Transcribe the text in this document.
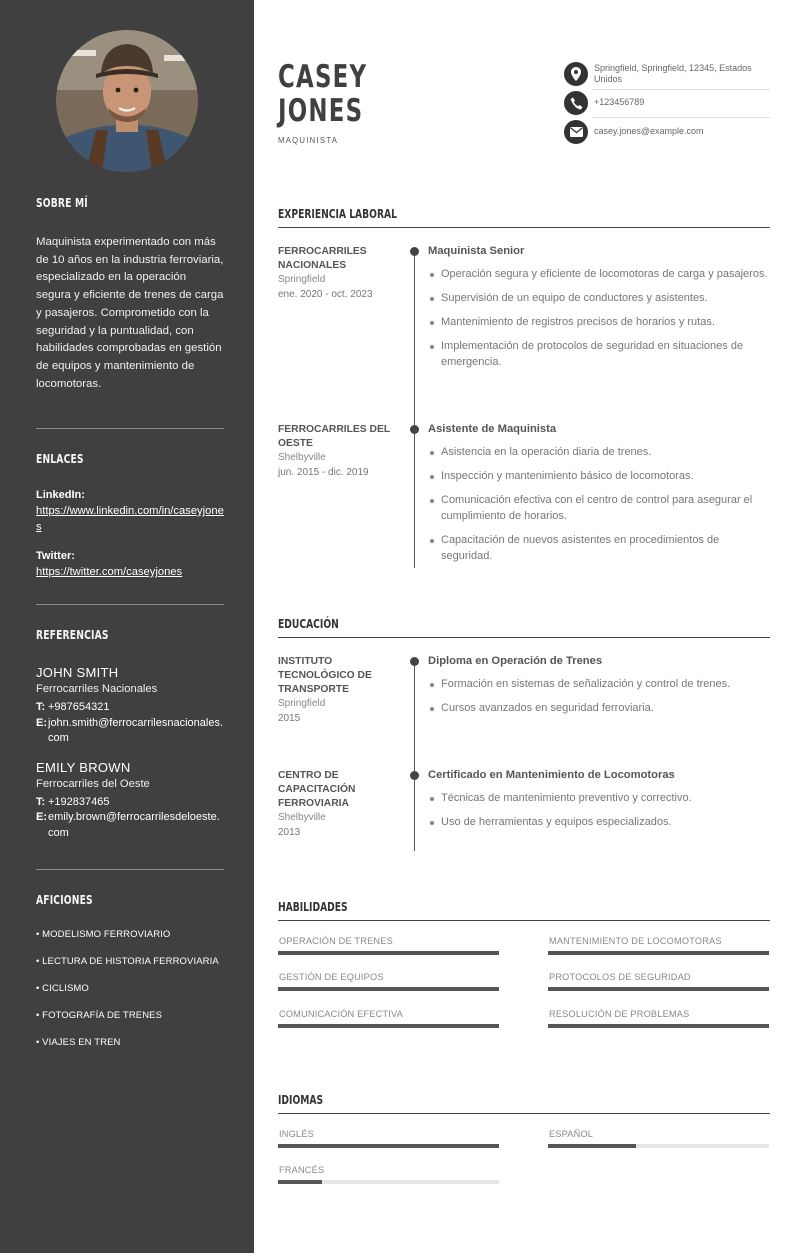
SOBRE MÍ

Maquinista experimentado con más de 10 años en la industria ferroviaria, especializado en la operación segura y eficiente de trenes de carga y pasajeros. Comprometido con la seguridad y la puntualidad, con habilidades comprobadas en gestión de equipos y mantenimiento de locomotoras.

ENLACES
LinkedIn:
https://www.linkedin.com/in/caseyjones
Twitter:
https://twitter.com/caseyjones
REFERENCIAS
JOHN SMITH
Ferrocarriles Nacionales
T: +987654321
E: john.smith@ferrocarrilesnacionales.com
EMILY BROWN
Ferrocarriles del Oeste
T: +192837465
E: emily.brown@ferrocarrilesdeloeste.com
AFICIONES
• MODELISMO FERROVIARIO
• LECTURA DE HISTORIA FERROVIARIA
• CICLISMO
• FOTOGRAFÍA DE TRENES
• VIAJES EN TREN
CASEY
JONES
MAQUINISTA
Springfield, Springfield, 12345, Estados Unidos
+123456789
casey.jones@example.com
EXPERIENCIA LABORAL
FERROCARRILES NACIONALES
Springfield
ene. 2020 - oct. 2023
Maquinista Senior
Operación segura y eficiente de locomotoras de carga y pasajeros.
Supervisión de un equipo de conductores y asistentes.
Mantenimiento de registros precisos de horarios y rutas.
Implementación de protocolos de seguridad en situaciones de emergencia.
FERROCARRILES DEL OESTE
Shelbyville
jun. 2015 - dic. 2019
Asistente de Maquinista
Asistencia en la operación diaria de trenes.
Inspección y mantenimiento básico de locomotoras.
Comunicación efectiva con el centro de control para asegurar el cumplimiento de horarios.
Capacitación de nuevos asistentes en procedimientos de seguridad.
EDUCACIÓN
INSTITUTO TECNOLÓGICO DE TRANSPORTE
Springfield
2015
Diploma en Operación de Trenes
Formación en sistemas de señalización y control de trenes.
Cursos avanzados en seguridad ferroviaria.
CENTRO DE CAPACITACIÓN FERROVIARIA
Shelbyville
2013
Certificado en Mantenimiento de Locomotoras
Técnicas de mantenimiento preventivo y correctivo.
Uso de herramientas y equipos especializados.
HABILIDADES
OPERACIÓN DE TRENES	MANTENIMIENTO DE LOCOMOTORAS
GESTIÓN DE EQUIPOS	PROTOCOLOS DE SEGURIDAD
COMUNICACIÓN EFECTIVA	RESOLUCIÓN DE PROBLEMAS
IDIOMAS
INGLÉS	ESPAÑOL
FRANCÉS
